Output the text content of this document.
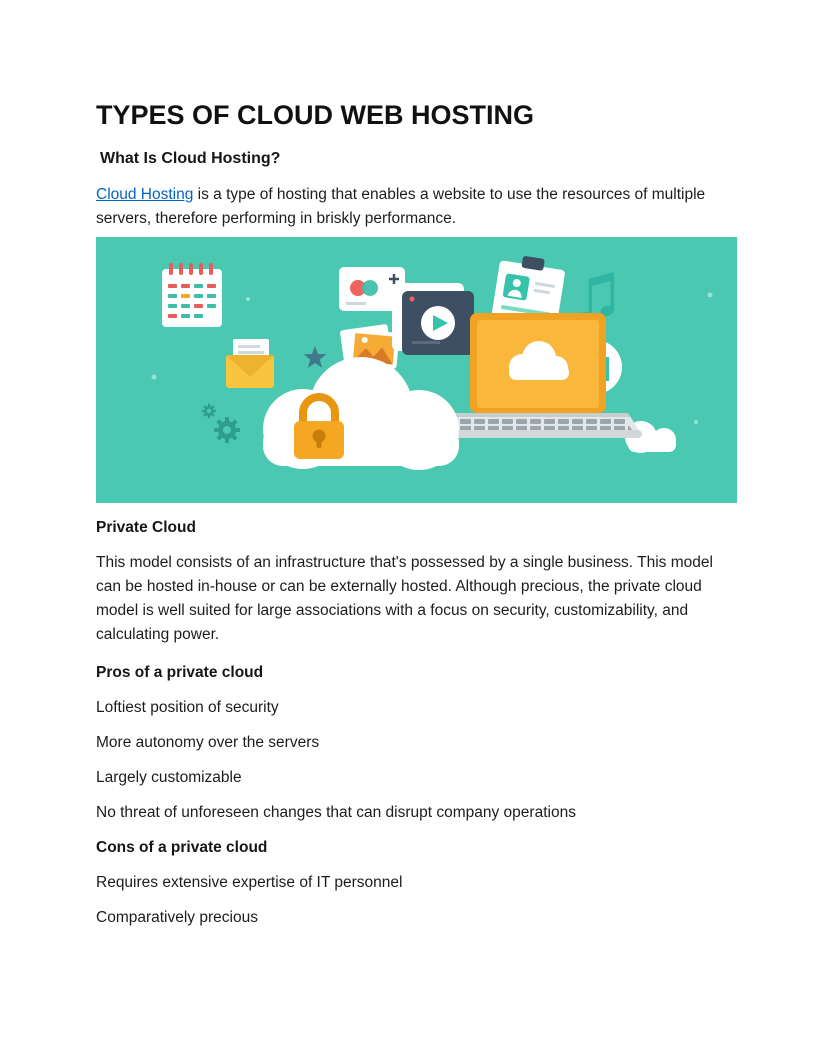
TYPES OF CLOUD WEB HOSTING
What Is Cloud Hosting?

Cloud Hosting is a type of hosting that enables a website to use the resources of multiple servers, therefore performing in briskly performance.

Private Cloud

This model consists of an infrastructure that's possessed by a single business. This model can be hosted in-house or can be externally hosted. Although precious, the private cloud model is well suited for large associations with a focus on security, customizability, and calculating power.

Pros of a private cloud

Loftiest position of security

More autonomy over the servers

Largely customizable

No threat of unforeseen changes that can disrupt company operations

Cons of a private cloud

Requires extensive expertise of IT personnel

Comparatively precious
